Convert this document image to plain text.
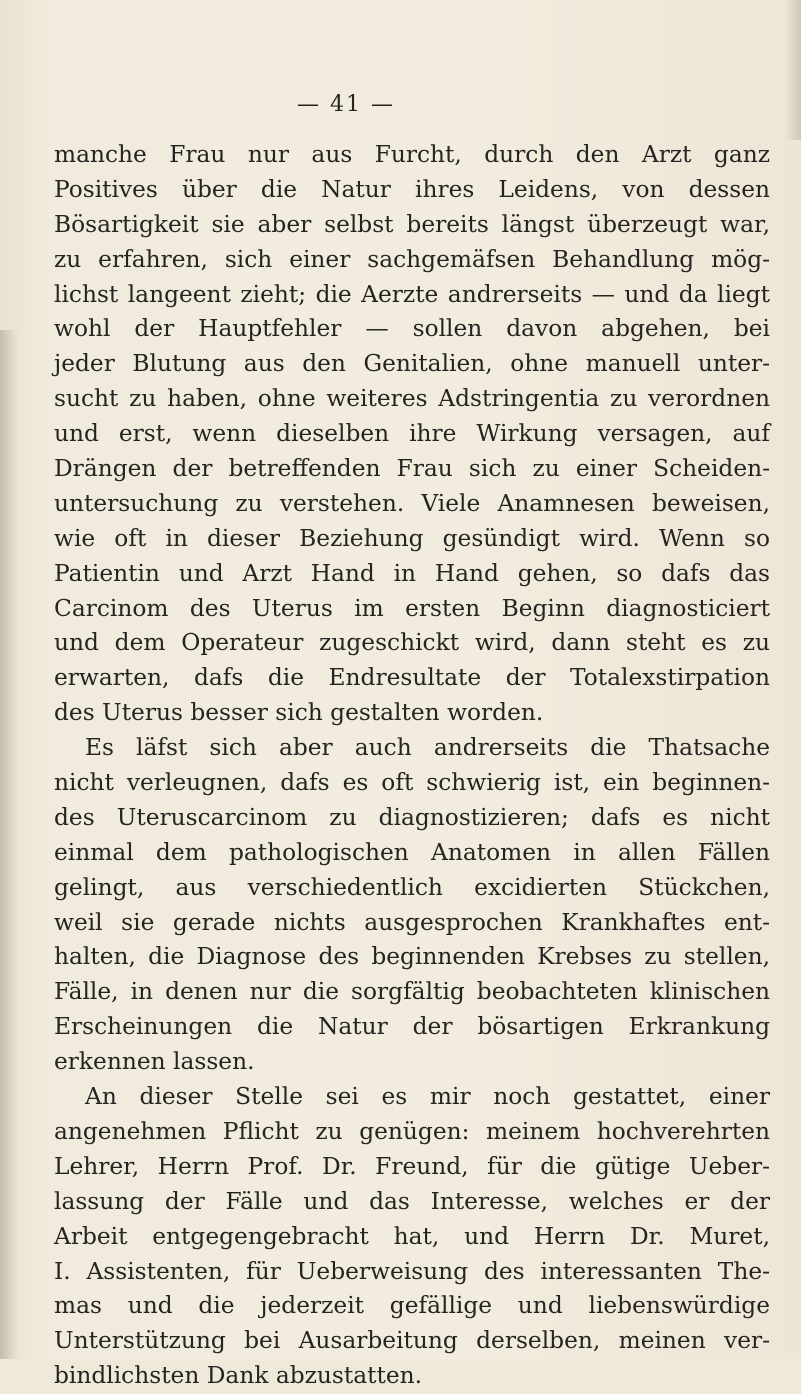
— 41 —
manche Frau nur aus Furcht, durch den Arzt ganz
Positives über die Natur ihres Leidens, von dessen
Bösartigkeit sie aber selbst bereits längst überzeugt war,
zu erfahren, sich einer sachgemäfsen Behandlung mög-
lichst langeent zieht; die Aerzte andrerseits — und da liegt
wohl der Hauptfehler — sollen davon abgehen, bei
jeder Blutung aus den Genitalien, ohne manuell unter-
sucht zu haben, ohne weiteres Adstringentia zu verordnen
und erst, wenn dieselben ihre Wirkung versagen, auf
Drängen der betreffenden Frau sich zu einer Scheiden-
untersuchung zu verstehen. Viele Anamnesen beweisen,
wie oft in dieser Beziehung gesündigt wird. Wenn so
Patientin und Arzt Hand in Hand gehen, so dafs das
Carcinom des Uterus im ersten Beginn diagnosticiert
und dem Operateur zugeschickt wird, dann steht es zu
erwarten, dafs die Endresultate der Totalexstirpation
des Uterus besser sich gestalten worden.
Es läfst sich aber auch andrerseits die Thatsache
nicht verleugnen, dafs es oft schwierig ist, ein beginnen-
des Uteruscarcinom zu diagnostizieren; dafs es nicht
einmal dem pathologischen Anatomen in allen Fällen
gelingt, aus verschiedentlich excidierten Stückchen,
weil sie gerade nichts ausgesprochen Krankhaftes ent-
halten, die Diagnose des beginnenden Krebses zu stellen,
Fälle, in denen nur die sorgfältig beobachteten klinischen
Erscheinungen die Natur der bösartigen Erkrankung
erkennen lassen.
An dieser Stelle sei es mir noch gestattet, einer
angenehmen Pflicht zu genügen: meinem hochverehrten
Lehrer, Herrn Prof. Dr. Freund, für die gütige Ueber-
lassung der Fälle und das Interesse, welches er der
Arbeit entgegengebracht hat, und Herrn Dr. Muret,
I. Assistenten, für Ueberweisung des interessanten The-
mas und die jederzeit gefällige und liebenswürdige
Unterstützung bei Ausarbeitung derselben, meinen ver-
bindlichsten Dank abzustatten.
